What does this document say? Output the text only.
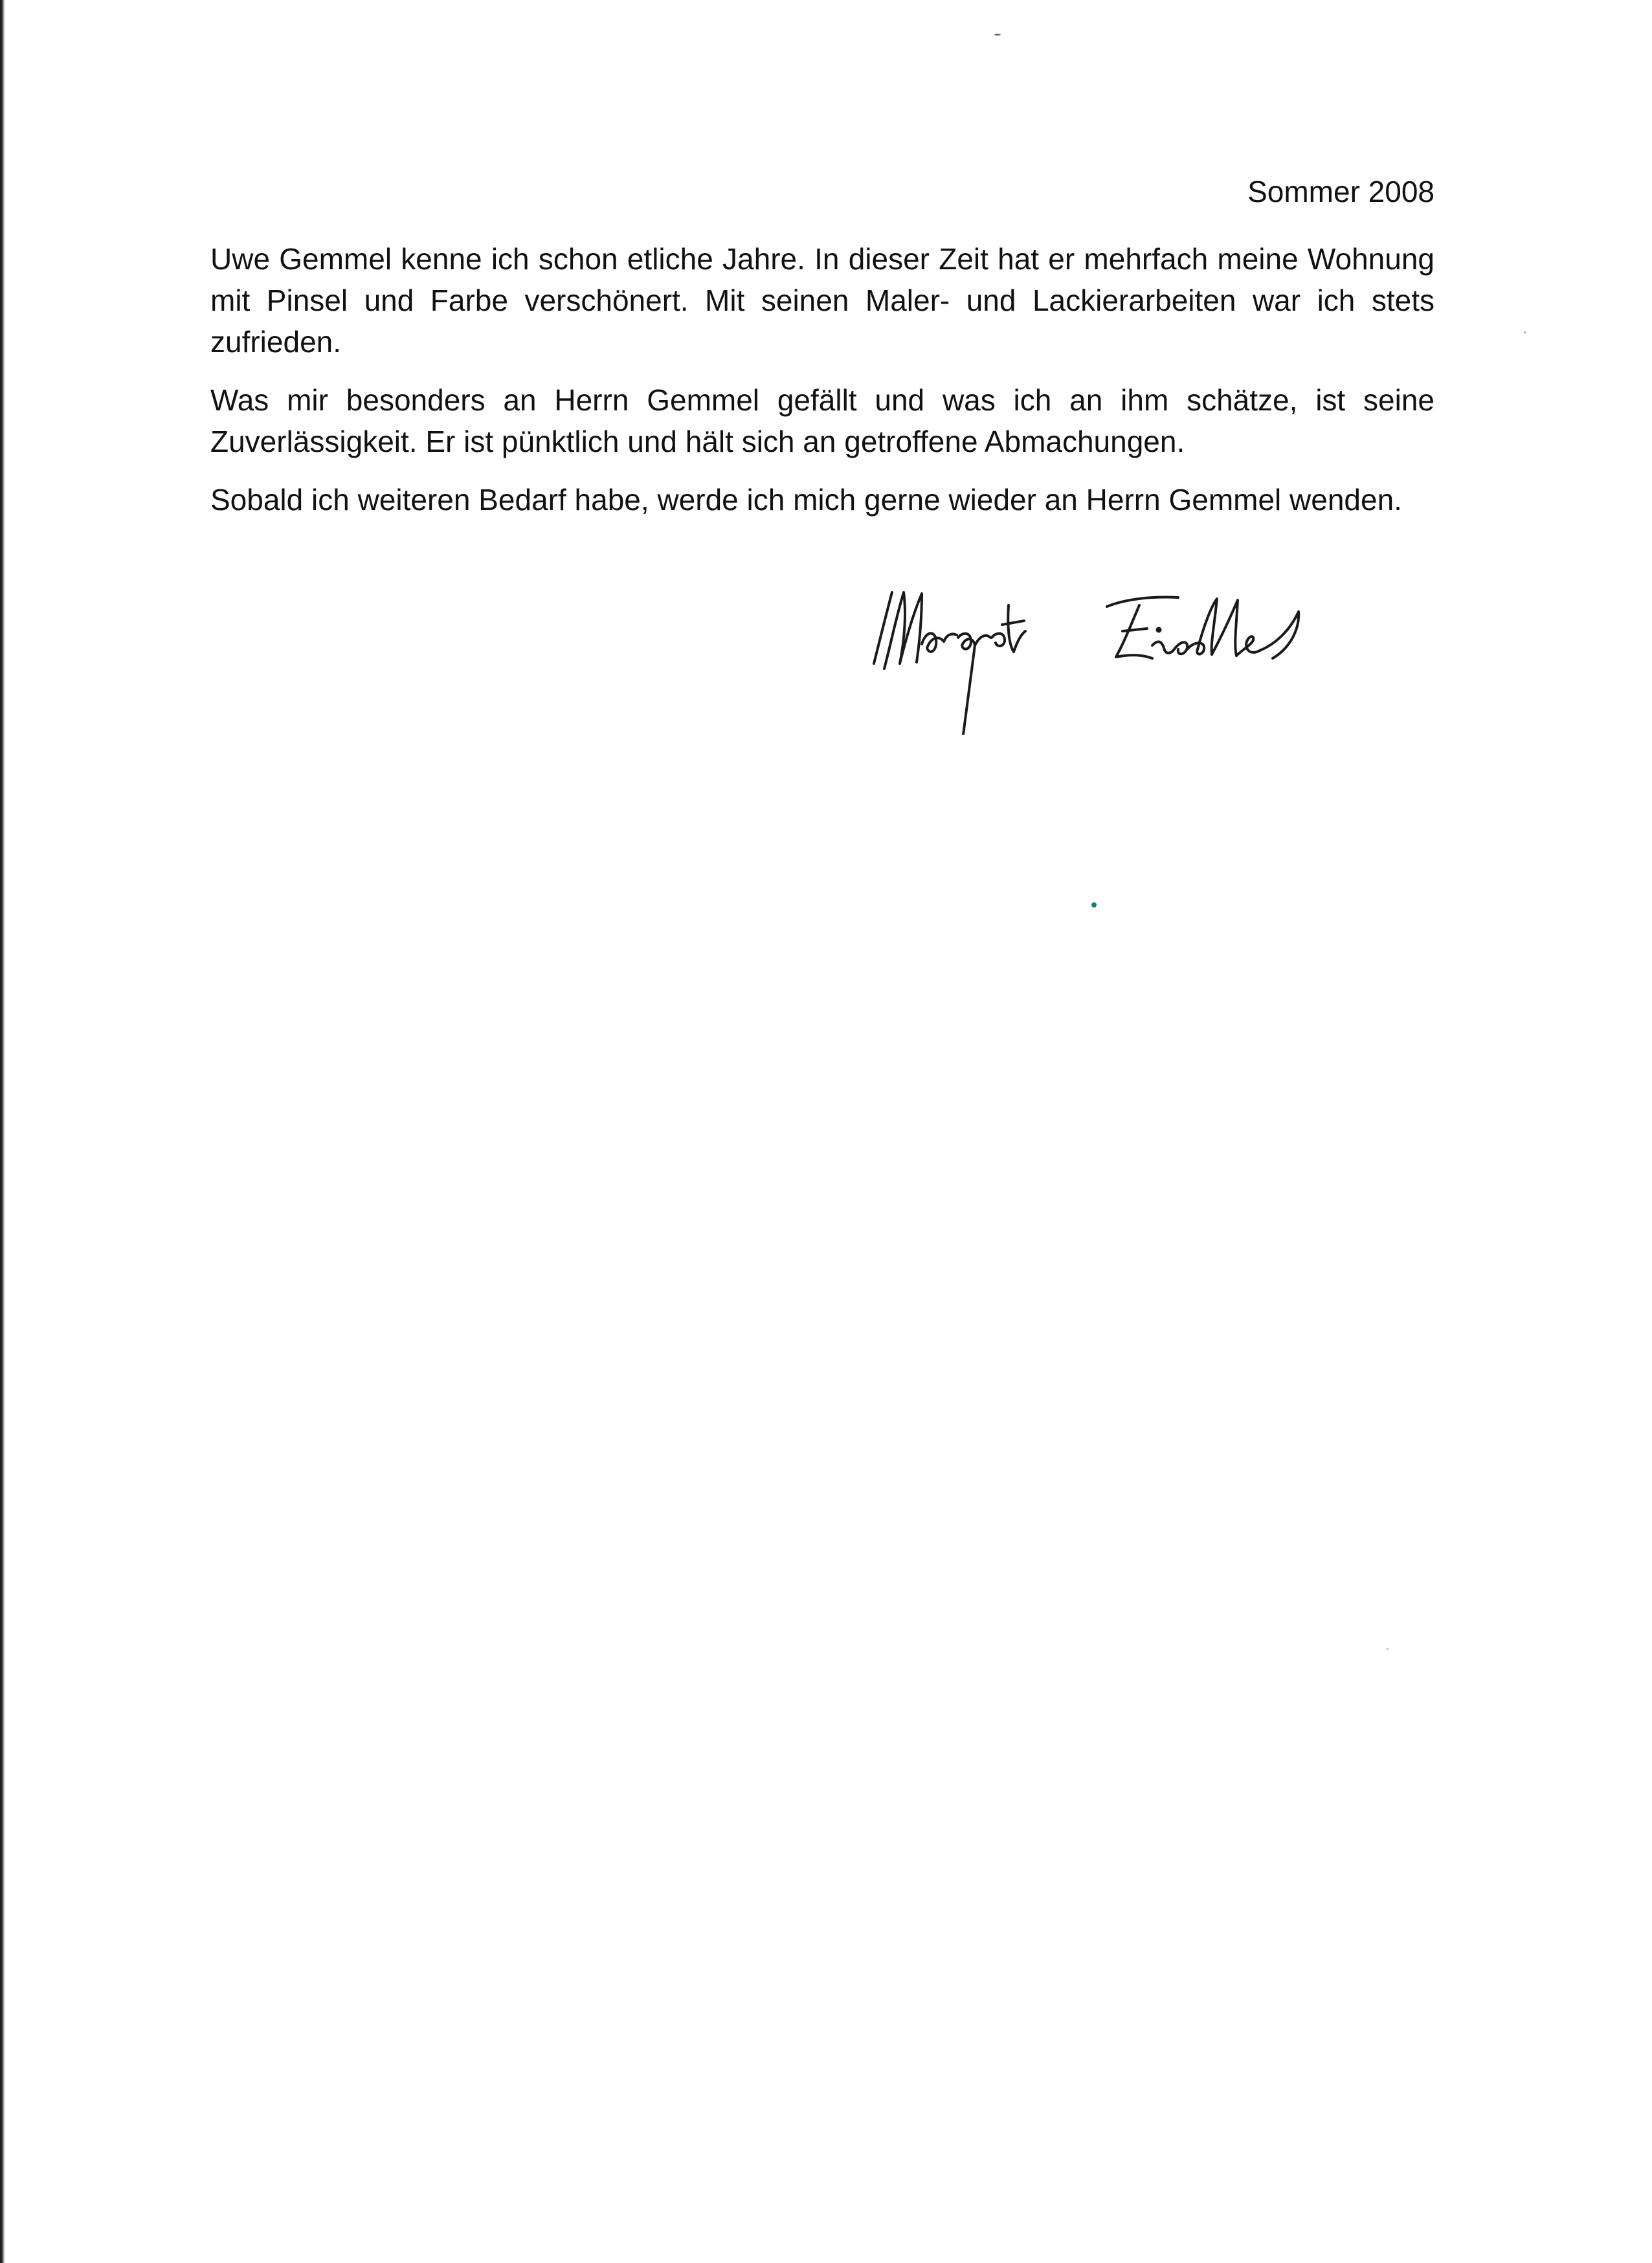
Sommer 2008

Uwe Gemmel kenne ich schon etliche Jahre. In dieser Zeit hat er mehrfach meine Wohnung mit Pinsel und Farbe verschönert. Mit seinen Maler- und Lackierarbeiten war ich stets zufrieden.

Was mir besonders an Herrn Gemmel gefällt und was ich an ihm schätze, ist seine Zuverlässigkeit. Er ist pünktlich und hält sich an getroffene Abmachungen.

Sobald ich weiteren Bedarf habe, werde ich mich gerne wieder an Herrn Gemmel wenden.
